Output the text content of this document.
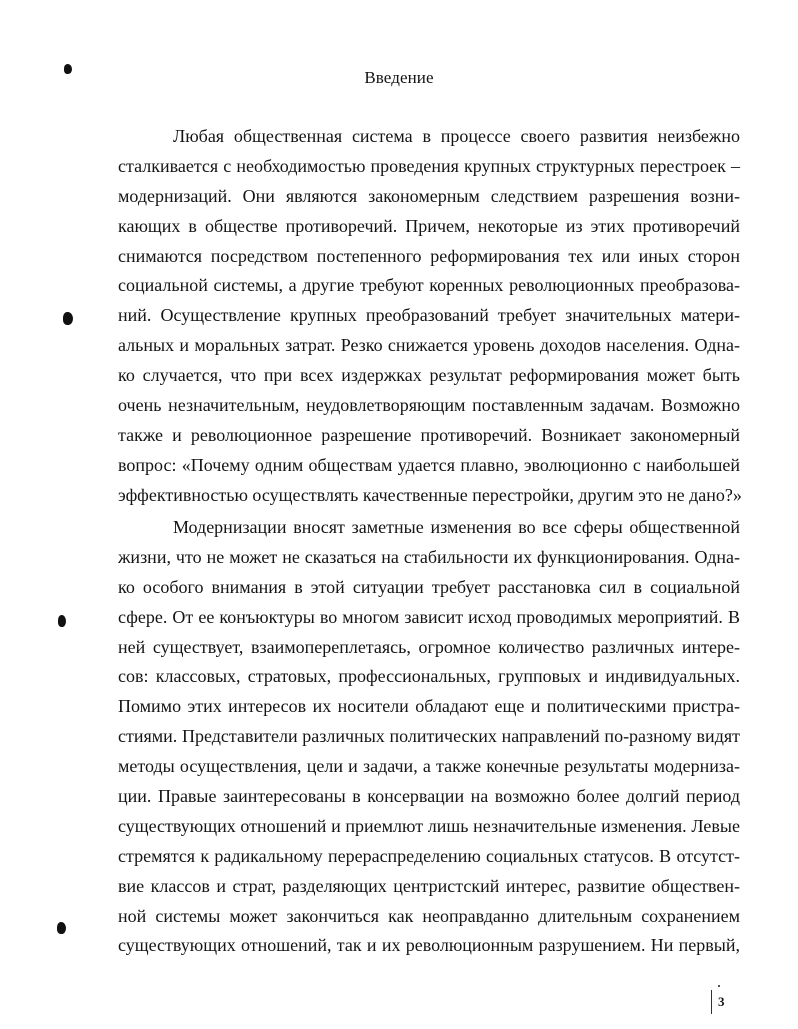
Введение
Любая общественная система в процессе своего развития неизбежно
сталкивается с необходимостью проведения крупных структурных перестроек –
модернизаций. Они являются закономерным следствием разрешения возни-
кающих в обществе противоречий. Причем, некоторые из этих противоречий
снимаются посредством постепенного реформирования тех или иных сторон
социальной системы, а другие требуют коренных революционных преобразова-
ний. Осуществление крупных преобразований требует значительных матери-
альных и моральных затрат. Резко снижается уровень доходов населения. Одна-
ко случается, что при всех издержках результат реформирования может быть
очень незначительным, неудовлетворяющим поставленным задачам. Возможно
также и революционное разрешение противоречий. Возникает закономерный
вопрос: «Почему одним обществам удается плавно, эволюционно с наибольшей
эффективностью осуществлять качественные перестройки, другим это не дано?»
Модернизации вносят заметные изменения во все сферы общественной
жизни, что не может не сказаться на стабильности их функционирования. Одна-
ко особого внимания в этой ситуации требует расстановка сил в социальной
сфере. От ее конъюктуры во многом зависит исход проводимых мероприятий. В
ней существует, взаимопереплетаясь, огромное количество различных интере-
сов: классовых, стратовых, профессиональных, групповых и индивидуальных.
Помимо этих интересов их носители обладают еще и политическими пристра-
стиями. Представители различных политических направлений по-разному видят
методы осуществления, цели и задачи, а также конечные результаты модерниза-
ции. Правые заинтересованы в консервации на возможно более долгий период
существующих отношений и приемлют лишь незначительные изменения. Левые
стремятся к радикальному перераспределению социальных статусов. В отсутст-
вие классов и страт, разделяющих центристский интерес, развитие обществен-
ной системы может закончиться как неоправданно длительным сохранением
существующих отношений, так и их революционным разрушением. Ни первый,
3
